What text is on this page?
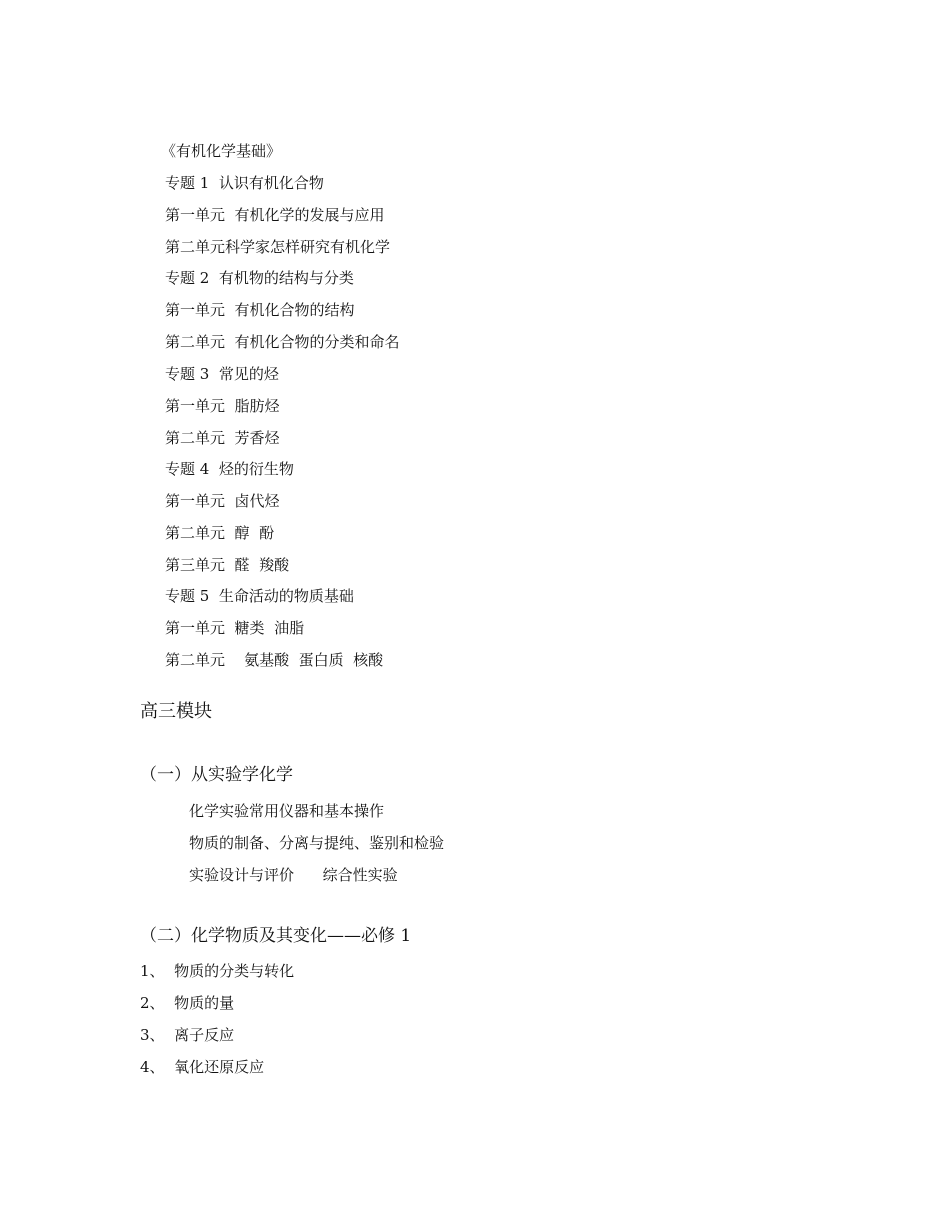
《有机化学基础》
专题 1  认识有机化合物
第一单元  有机化学的发展与应用
第二单元科学家怎样研究有机化学
专题 2  有机物的结构与分类
第一单元  有机化合物的结构
第二单元  有机化合物的分类和命名
专题 3  常见的烃
第一单元  脂肪烃
第二单元  芳香烃
专题 4  烃的衍生物
第一单元  卤代烃
第二单元  醇  酚
第三单元  醛  羧酸
专题 5  生命活动的物质基础
第一单元  糖类  油脂
第二单元    氨基酸  蛋白质  核酸
高三模块
（一）从实验学化学
化学实验常用仪器和基本操作
物质的制备、分离与提纯、鉴别和检验
实验设计与评价      综合性实验
（二）化学物质及其变化——必修 1
1、  物质的分类与转化
2、  物质的量
3、  离子反应
4、  氧化还原反应
